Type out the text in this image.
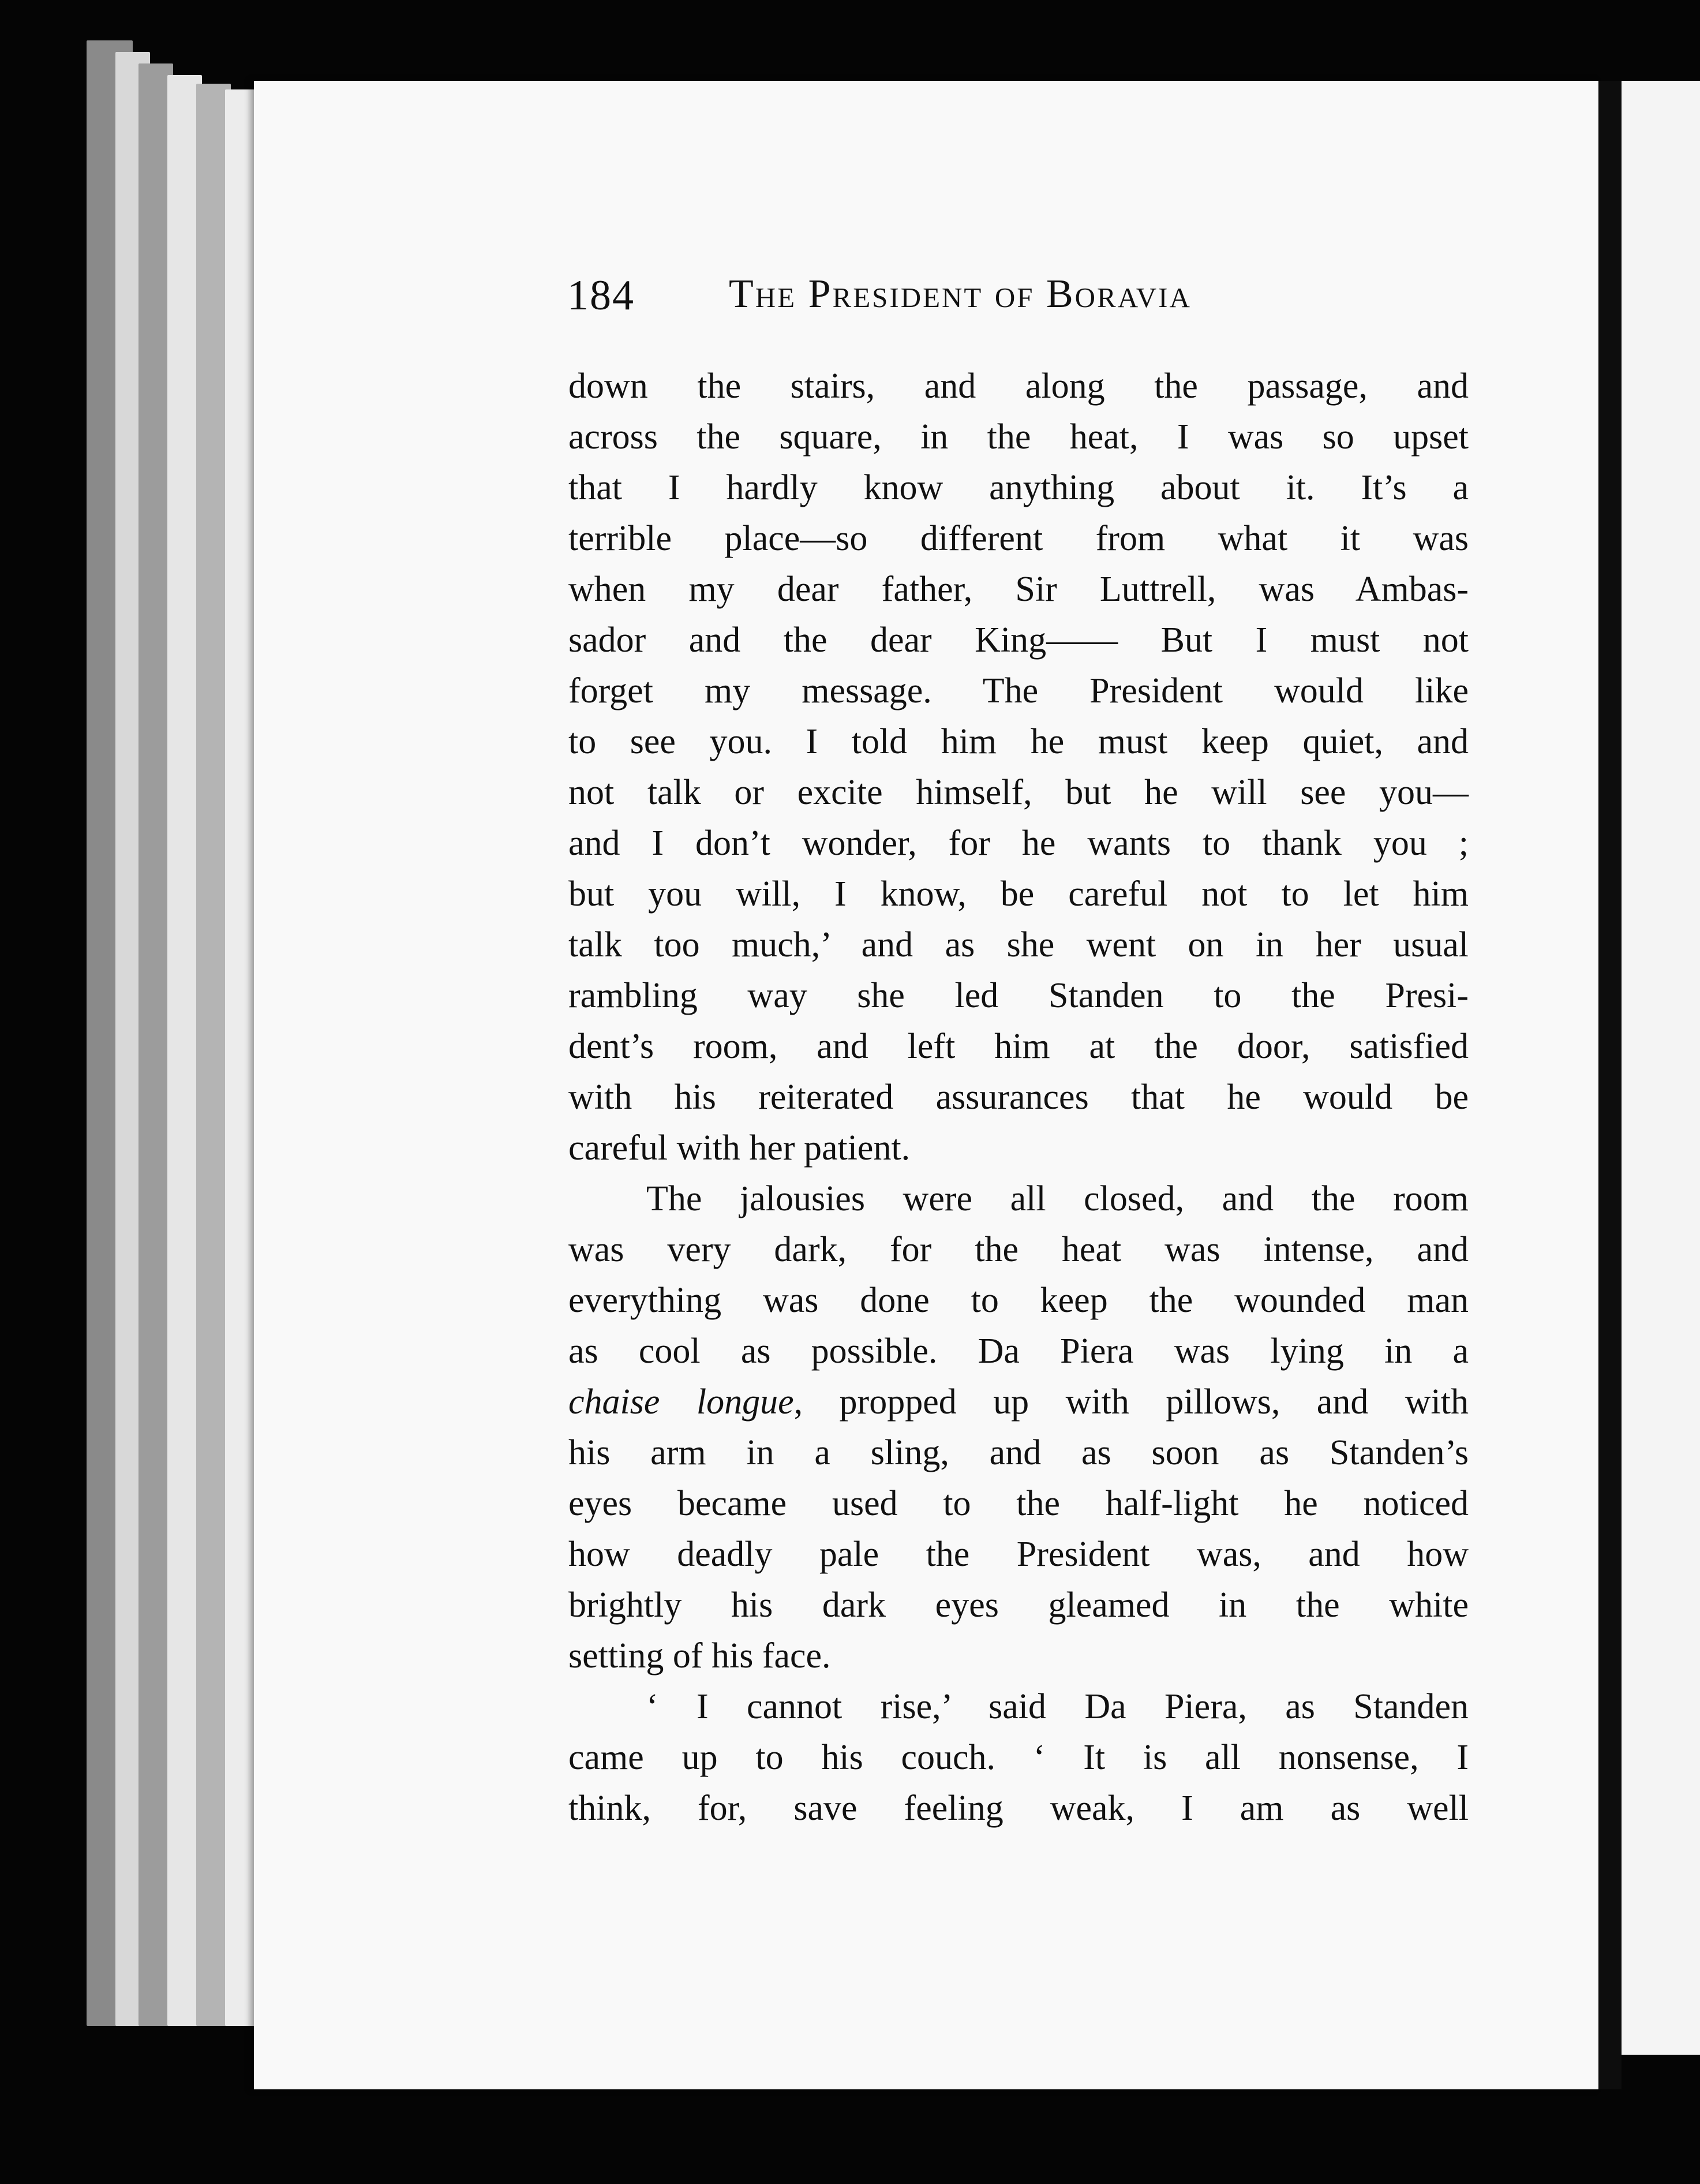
184 The President of Boravia
down the stairs, and along the passage, and
across the square, in the heat, I was so upset
that I hardly know anything about it. It’s a
terrible place—so different from what it was
when my dear father, Sir Luttrell, was Ambas-
sador and the dear King—— But I must not
forget my message. The President would like
to see you. I told him he must keep quiet, and
not talk or excite himself, but he will see you—
and I don’t wonder, for he wants to thank you ;
but you will, I know, be careful not to let him
talk too much,’ and as she went on in her usual
rambling way she led Standen to the Presi-
dent’s room, and left him at the door, satisfied
with his reiterated assurances that he would be
careful with her patient.
The jalousies were all closed, and the room
was very dark, for the heat was intense, and
everything was done to keep the wounded man
as cool as possible. Da Piera was lying in a
chaise longue, propped up with pillows, and with
his arm in a sling, and as soon as Standen’s
eyes became used to the half-light he noticed
how deadly pale the President was, and how
brightly his dark eyes gleamed in the white
setting of his face.
‘ I cannot rise,’ said Da Piera, as Standen
came up to his couch. ‘ It is all nonsense, I
think, for, save feeling weak, I am as well
